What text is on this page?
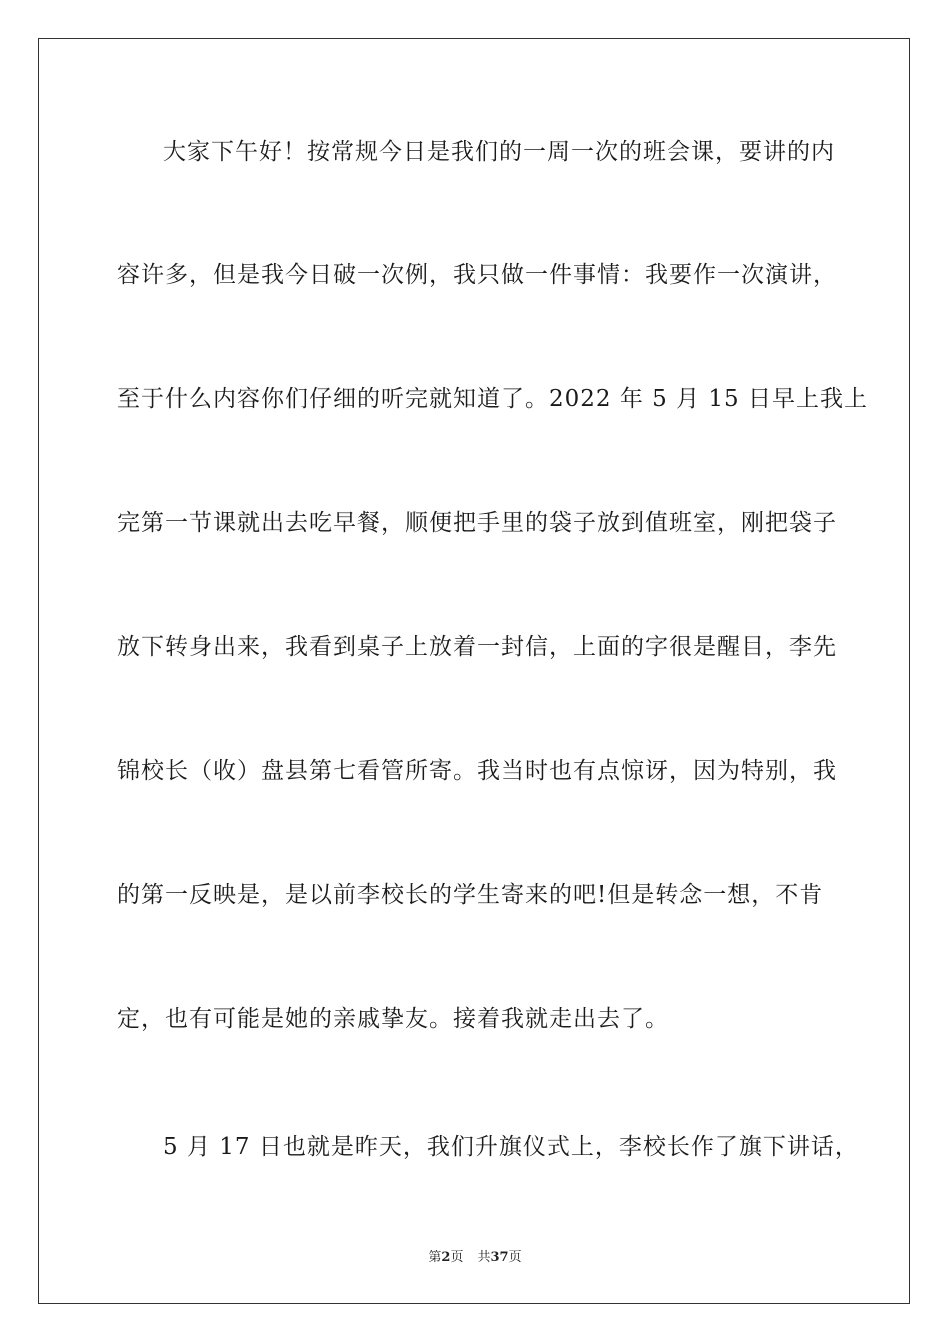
大家下午好！按常规今日是我们的一周一次的班会课，要讲的内
容许多，但是我今日破一次例，我只做一件事情：我要作一次演讲，
至于什么内容你们仔细的听完就知道了。2022 年 5 月 15 日早上我上
完第一节课就出去吃早餐，顺便把手里的袋子放到值班室，刚把袋子
放下转身出来，我看到桌子上放着一封信，上面的字很是醒目，李先
锦校长（收）盘县第七看管所寄。我当时也有点惊讶，因为特别，我
的第一反映是，是以前李校长的学生寄来的吧!但是转念一想，不肯
定，也有可能是她的亲戚挚友。接着我就走出去了。
5 月 17 日也就是昨天，我们升旗仪式上，李校长作了旗下讲话，
第2页 共37页
